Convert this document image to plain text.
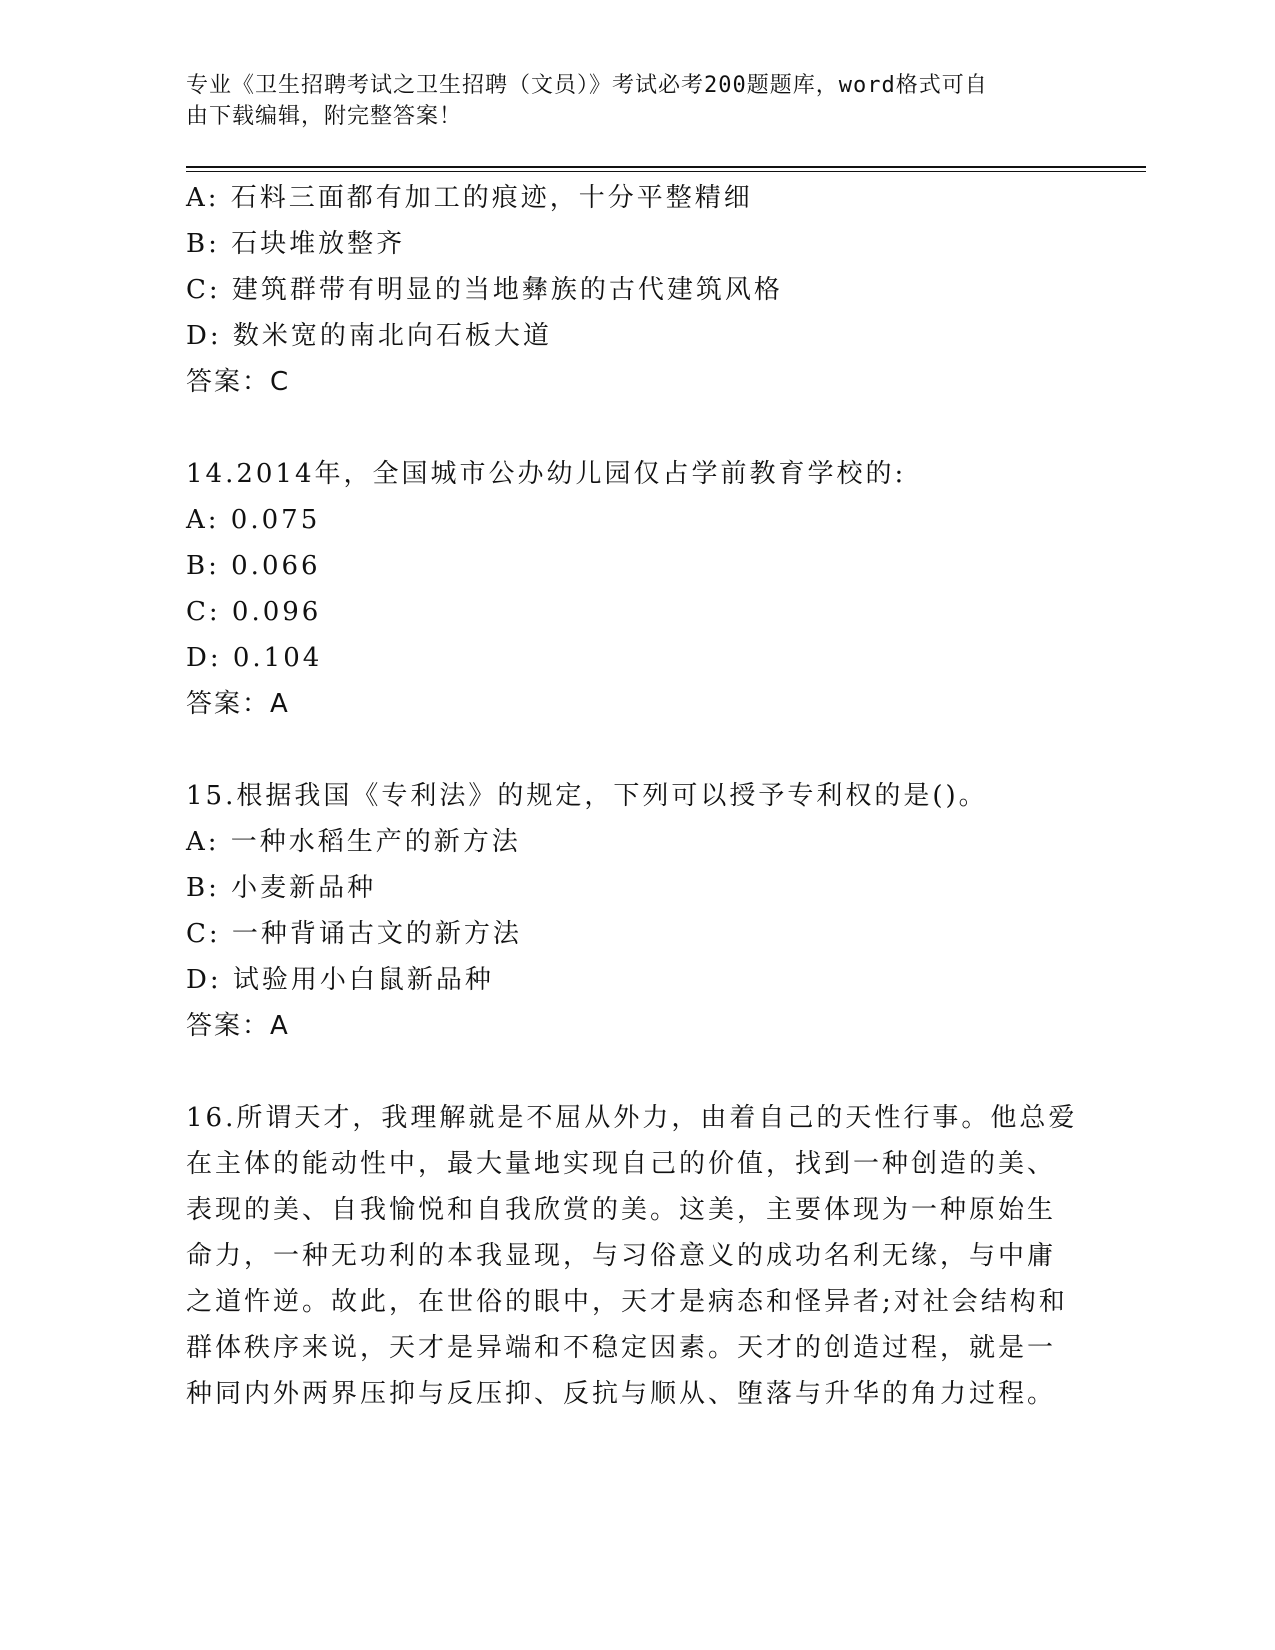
专业《卫生招聘考试之卫生招聘（文员）》考试必考200题题库，word格式可自
由下载编辑，附完整答案！
A: 石料三面都有加工的痕迹，十分平整精细
B: 石块堆放整齐
C: 建筑群带有明显的当地彝族的古代建筑风格
D: 数米宽的南北向石板大道
答案：C
14.2014年，全国城市公办幼儿园仅占学前教育学校的:
A: 0.075
B: 0.066
C: 0.096
D: 0.104
答案：A
15.根据我国《专利法》的规定，下列可以授予专利权的是()。
A: 一种水稻生产的新方法
B: 小麦新品种
C: 一种背诵古文的新方法
D: 试验用小白鼠新品种
答案：A
16.所谓天才，我理解就是不屈从外力，由着自己的天性行事。他总爱
在主体的能动性中，最大量地实现自己的价值，找到一种创造的美、
表现的美、自我愉悦和自我欣赏的美。这美，主要体现为一种原始生
命力，一种无功利的本我显现，与习俗意义的成功名利无缘，与中庸
之道忤逆。故此，在世俗的眼中，天才是病态和怪异者;对社会结构和
群体秩序来说，天才是异端和不稳定因素。天才的创造过程，就是一
种同内外两界压抑与反压抑、反抗与顺从、堕落与升华的角力过程。
